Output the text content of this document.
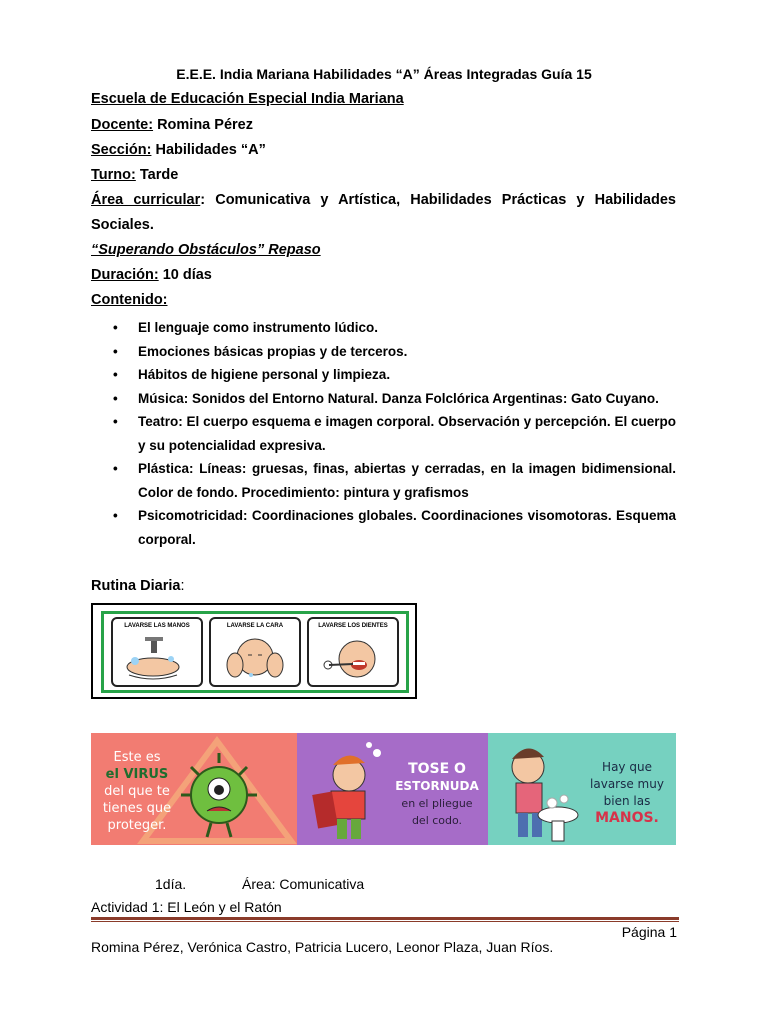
E.E.E. India Mariana Habilidades “A” Áreas Integradas Guía 15
Escuela de Educación Especial India Mariana
Docente: Romina Pérez
Sección: Habilidades “A”
Turno: Tarde
Área curricular: Comunicativa y Artística, Habilidades Prácticas y Habilidades Sociales.
“Superando Obstáculos” Repaso
Duración: 10 días
Contenido:
• El lenguaje como instrumento lúdico.
• Emociones básicas propias y de terceros.
• Hábitos de higiene personal y limpieza.
• Música: Sonidos del Entorno Natural. Danza Folclórica Argentinas: Gato Cuyano.
• Teatro: El cuerpo esquema e imagen corporal. Observación y percepción. El cuerpo y su potencialidad expresiva.
• Plástica: Líneas: gruesas, finas, abiertas y cerradas, en la imagen bidimensional. Color de fondo. Procedimiento: pintura y grafismos
• Psicomotricidad: Coordinaciones globales. Coordinaciones visomotoras. Esquema corporal.
Rutina Diaria:
LAVARSE LAS MANOS	LAVARSE LA CARA	LAVARSE LOS DIENTES
Este es
el VIRUS
del que te
tienes que
proteger.
TOSE O
ESTORNUDA
en el pliegue
del codo.
Hay que
lavarse muy
bien las
MANOS.
1día.	Área: Comunicativa
Actividad 1: El León y el Ratón
Página 1
Romina Pérez, Verónica Castro, Patricia Lucero, Leonor Plaza, Juan Ríos.
